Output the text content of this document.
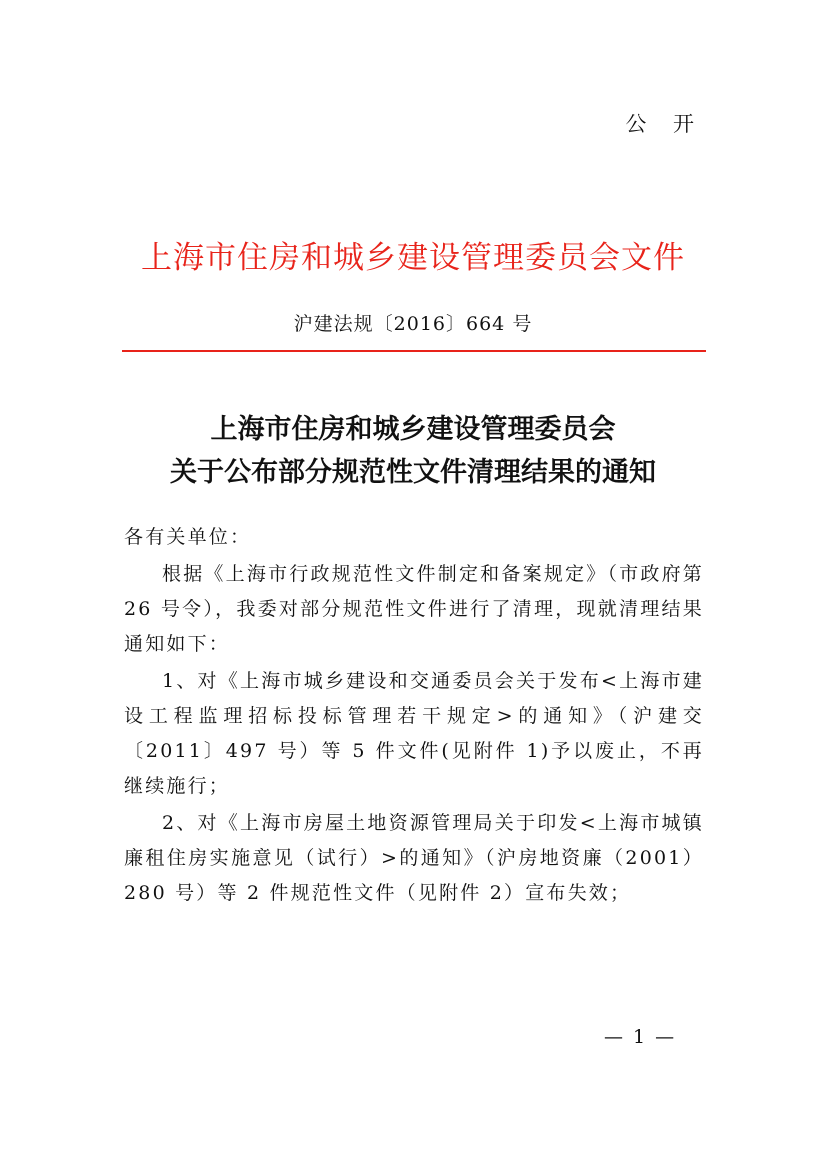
公 开
上海市住房和城乡建设管理委员会文件
沪建法规〔2016〕664 号
上海市住房和城乡建设管理委员会
关于公布部分规范性文件清理结果的通知

各有关单位：

根据《上海市行政规范性文件制定和备案规定》（市政府第 26 号令），我委对部分规范性文件进行了清理，现就清理结果通知如下：

1、对《上海市城乡建设和交通委员会关于发布<上海市建设工程监理招标投标管理若干规定>的通知》（沪建交〔2011〕497 号）等 5 件文件(见附件 1)予以废止，不再继续施行；

2、对《上海市房屋土地资源管理局关于印发<上海市城镇廉租住房实施意见（试行）>的通知》（沪房地资廉（2001）280 号）等 2 件规范性文件（见附件 2）宣布失效；

— 1 —
